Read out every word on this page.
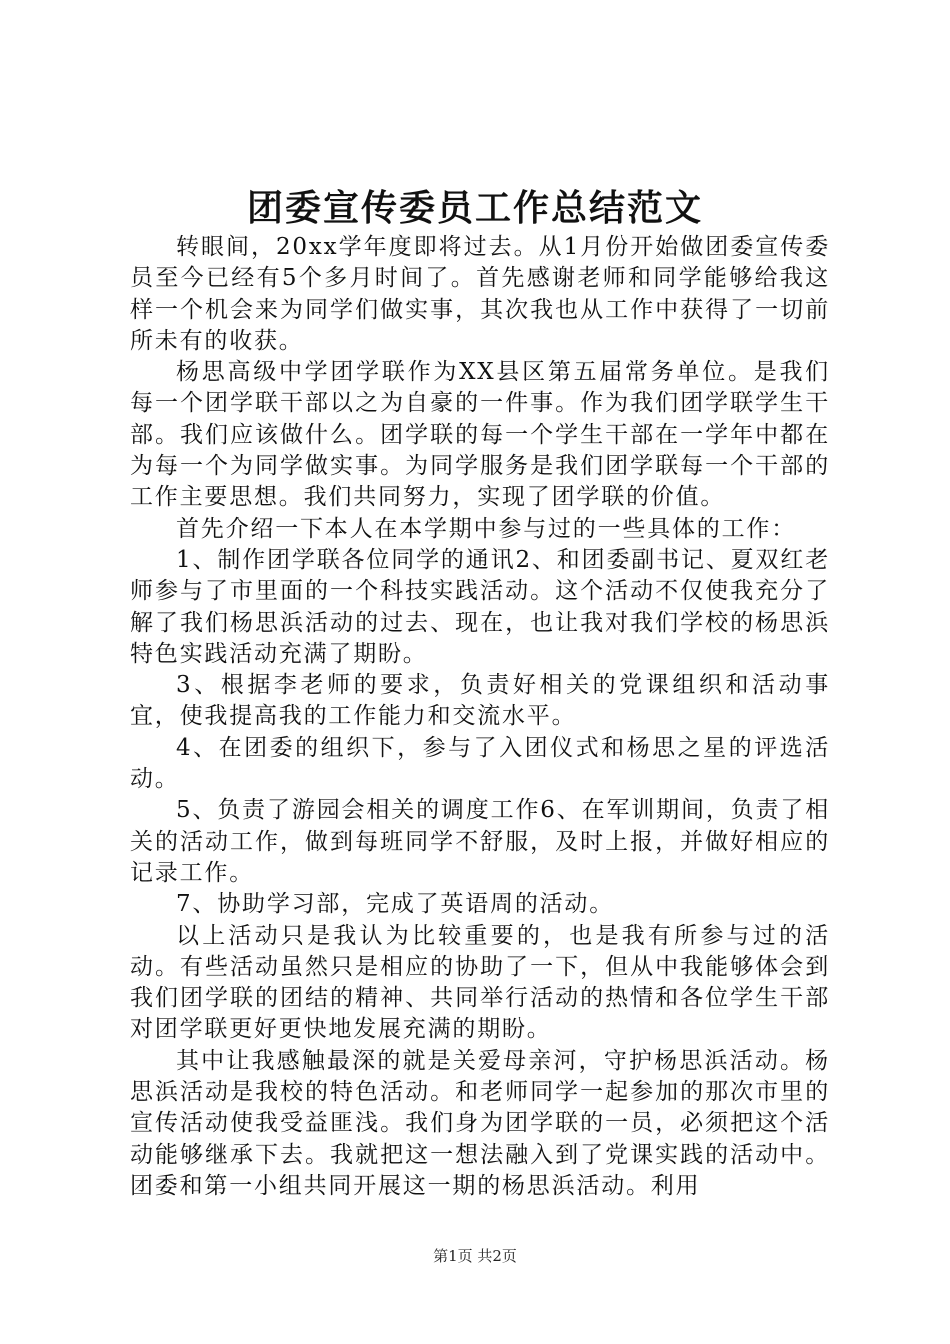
团委宣传委员工作总结范文

转眼间，20xx学年度即将过去。从1月份开始做团委宣传委员至今已经有5个多月时间了。首先感谢老师和同学能够给我这样一个机会来为同学们做实事，其次我也从工作中获得了一切前所未有的收获。

杨思高级中学团学联作为XX县区第五届常务单位。是我们每一个团学联干部以之为自豪的一件事。作为我们团学联学生干部。我们应该做什么。团学联的每一个学生干部在一学年中都在为每一个为同学做实事。为同学服务是我们团学联每一个干部的工作主要思想。我们共同努力，实现了团学联的价值。

首先介绍一下本人在本学期中参与过的一些具体的工作：

1、制作团学联各位同学的通讯2、和团委副书记、夏双红老师参与了市里面的一个科技实践活动。这个活动不仅使我充分了解了我们杨思浜活动的过去、现在，也让我对我们学校的杨思浜特色实践活动充满了期盼。

3、根据李老师的要求，负责好相关的党课组织和活动事宜，使我提高我的工作能力和交流水平。

4、在团委的组织下，参与了入团仪式和杨思之星的评选活动。

5、负责了游园会相关的调度工作6、在军训期间，负责了相关的活动工作，做到每班同学不舒服，及时上报，并做好相应的记录工作。

7、协助学习部，完成了英语周的活动。

以上活动只是我认为比较重要的，也是我有所参与过的活动。有些活动虽然只是相应的协助了一下，但从中我能够体会到我们团学联的团结的精神、共同举行活动的热情和各位学生干部对团学联更好更快地发展充满的期盼。

其中让我感触最深的就是关爱母亲河，守护杨思浜活动。杨思浜活动是我校的特色活动。和老师同学一起参加的那次市里的宣传活动使我受益匪浅。我们身为团学联的一员，必须把这个活动能够继承下去。我就把这一想法融入到了党课实践的活动中。团委和第一小组共同开展这一期的杨思浜活动。利用

第1页 共2页
